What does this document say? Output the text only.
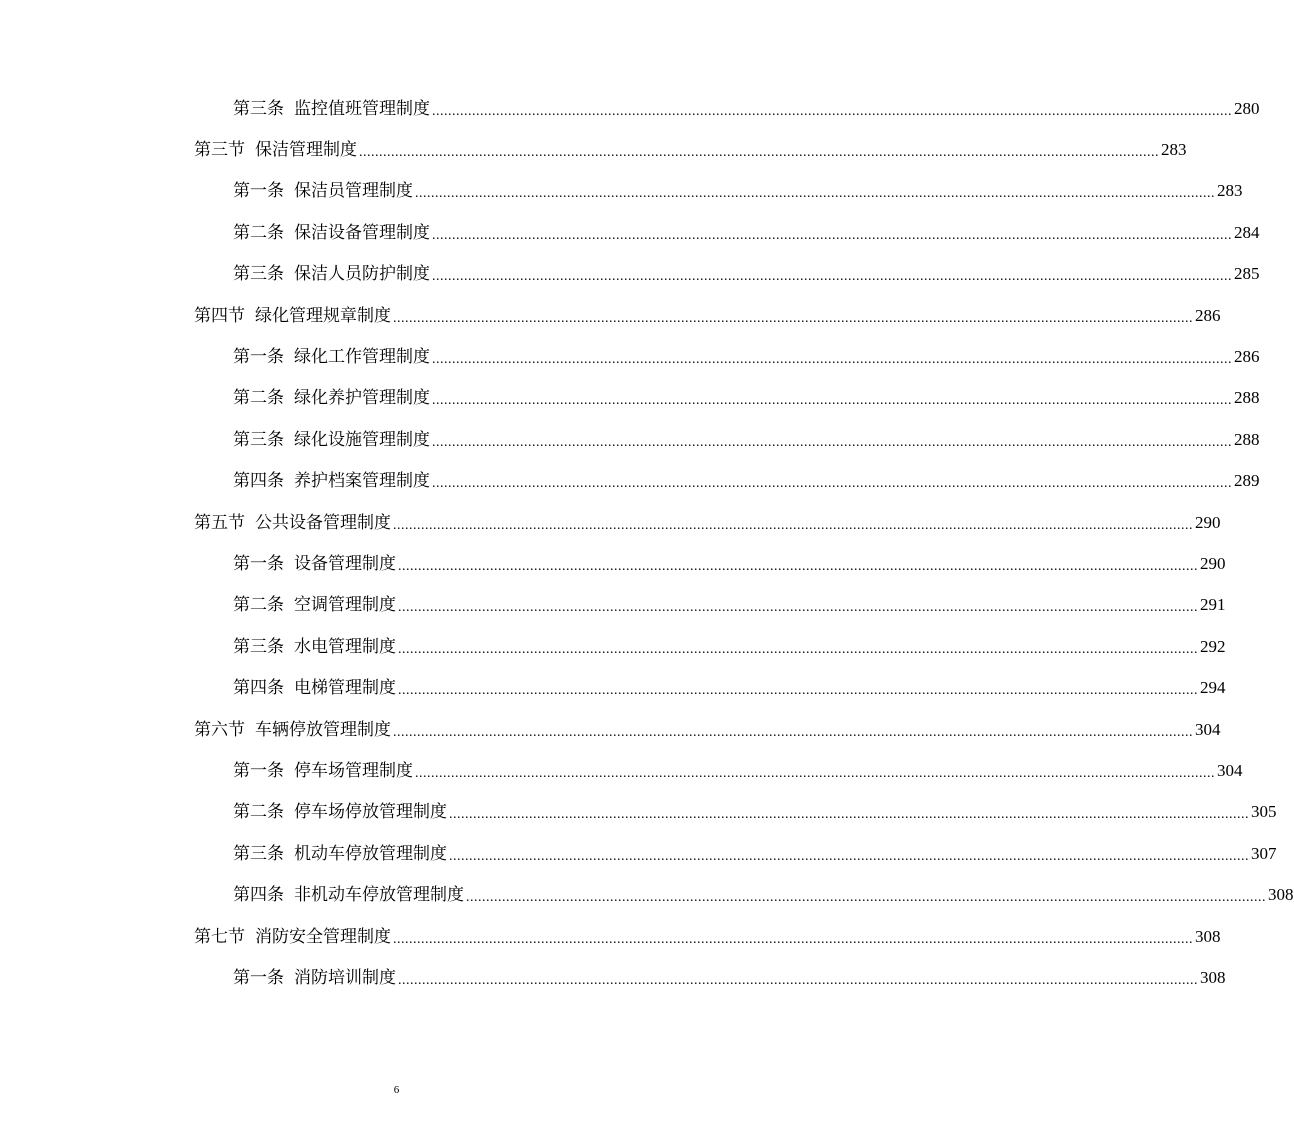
第三条 监控值班管理制度 ........................................................................................................................................................................................................ 280
第三节 保洁管理制度 ........................................................................................................................................................................................................ 283
第一条 保洁员管理制度 ........................................................................................................................................................................................................ 283
第二条 保洁设备管理制度 ........................................................................................................................................................................................................ 284
第三条 保洁人员防护制度 ........................................................................................................................................................................................................ 285
第四节 绿化管理规章制度 ........................................................................................................................................................................................................ 286
第一条 绿化工作管理制度 ........................................................................................................................................................................................................ 286
第二条 绿化养护管理制度 ........................................................................................................................................................................................................ 288
第三条 绿化设施管理制度 ........................................................................................................................................................................................................ 288
第四条 养护档案管理制度 ........................................................................................................................................................................................................ 289
第五节 公共设备管理制度 ........................................................................................................................................................................................................ 290
第一条 设备管理制度 ........................................................................................................................................................................................................ 290
第二条 空调管理制度 ........................................................................................................................................................................................................ 291
第三条 水电管理制度 ........................................................................................................................................................................................................ 292
第四条 电梯管理制度 ........................................................................................................................................................................................................ 294
第六节 车辆停放管理制度 ........................................................................................................................................................................................................ 304
第一条 停车场管理制度 ........................................................................................................................................................................................................ 304
第二条 停车场停放管理制度 ........................................................................................................................................................................................................ 305
第三条 机动车停放管理制度 ........................................................................................................................................................................................................ 307
第四条 非机动车停放管理制度 ........................................................................................................................................................................................................ 308
第七节 消防安全管理制度 ........................................................................................................................................................................................................ 308
第一条 消防培训制度 ........................................................................................................................................................................................................ 308
6
